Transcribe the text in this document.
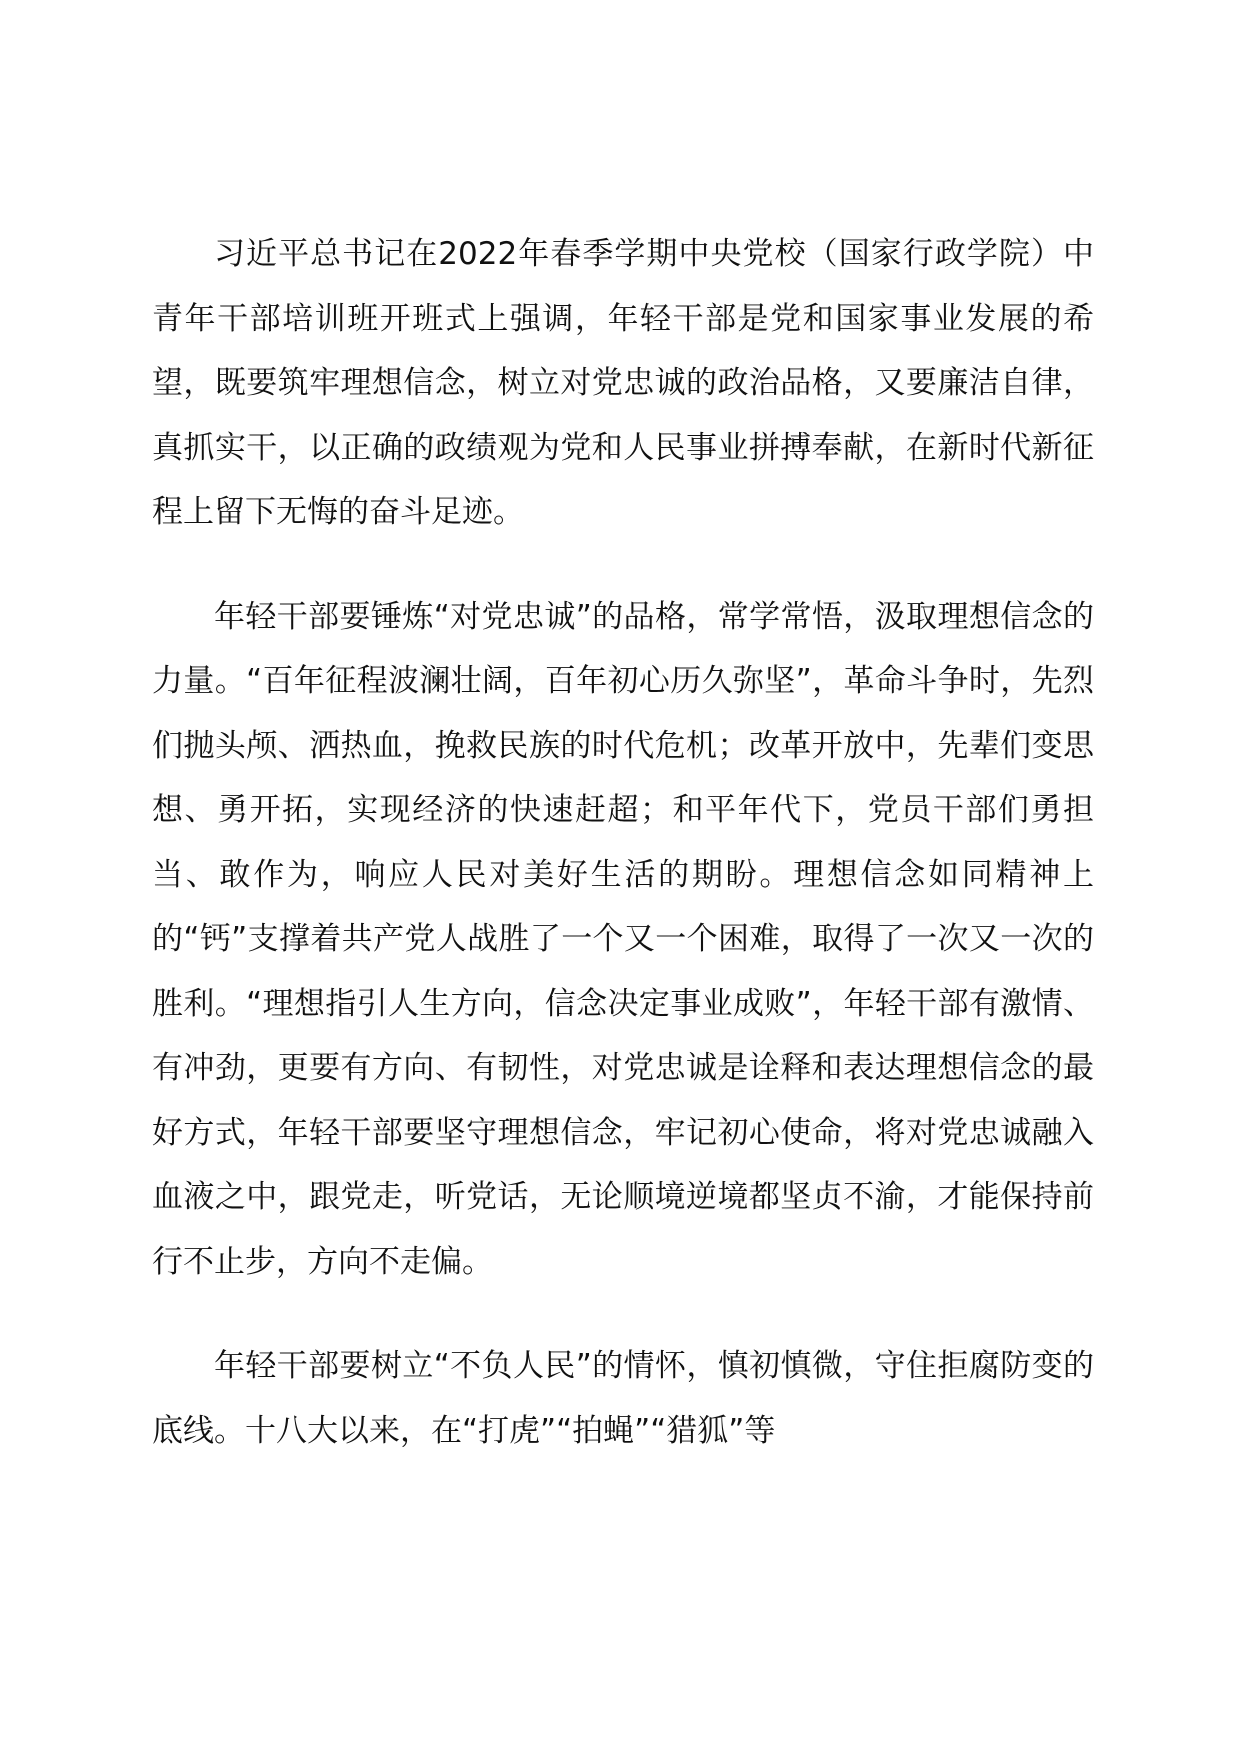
习近平总书记在2022年春季学期中央党校（国家行政学院）中青年干部培训班开班式上强调，年轻干部是党和国家事业发展的希望，既要筑牢理想信念，树立对党忠诚的政治品格，又要廉洁自律，真抓实干，以正确的政绩观为党和人民事业拼搏奉献，在新时代新征程上留下无悔的奋斗足迹。

年轻干部要锤炼“对党忠诚”的品格，常学常悟，汲取理想信念的力量。“百年征程波澜壮阔，百年初心历久弥坚”，革命斗争时，先烈们抛头颅、洒热血，挽救民族的时代危机；改革开放中，先辈们变思想、勇开拓，实现经济的快速赶超；和平年代下，党员干部们勇担当、敢作为，响应人民对美好生活的期盼。理想信念如同精神上的“钙”支撑着共产党人战胜了一个又一个困难，取得了一次又一次的胜利。“理想指引人生方向，信念决定事业成败”，年轻干部有激情、有冲劲，更要有方向、有韧性，对党忠诚是诠释和表达理想信念的最好方式，年轻干部要坚守理想信念，牢记初心使命，将对党忠诚融入血液之中，跟党走，听党话，无论顺境逆境都坚贞不渝，才能保持前行不止步，方向不走偏。

年轻干部要树立“不负人民”的情怀，慎初慎微，守住拒腐防变的底线。十八大以来，在“打虎”“拍蝇”“猎狐”等
